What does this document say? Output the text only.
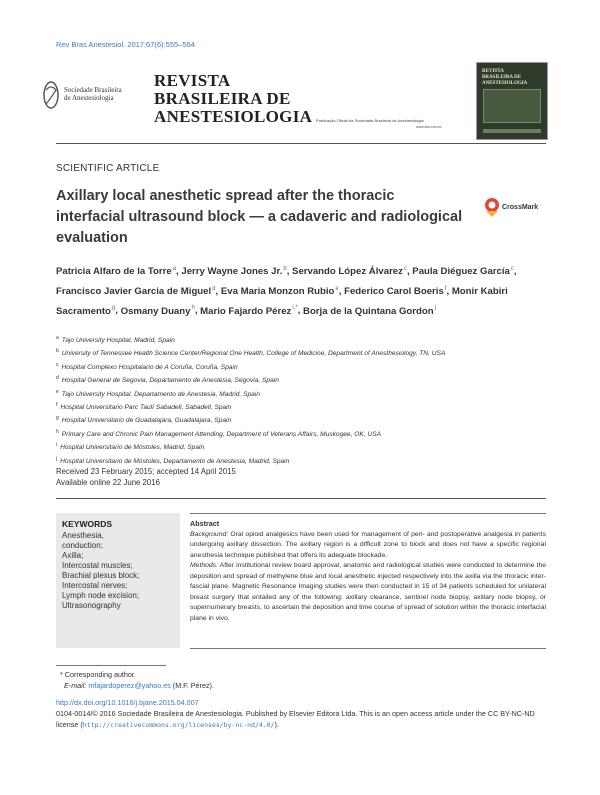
Rev Bras Anestesiol. 2017;67(6):555–564
Sociedade Brasileira
de Anestesiologia
REVISTA
BRASILEIRA DE
ANESTESIOLOGIA Publicação Oficial da Sociedade Brasileira de Anestesiologia
www.sba.com.br
REVISTA
BRASILEIRA DE
ANESTESIOLOGIA
SCIENTIFIC ARTICLE
Axillary local anesthetic spread after the thoracic interfacial ultrasound block — a cadaveric and radiological evaluation
CrossMark
Patricia Alfaro de la Torre$^a$, Jerry Wayne Jones Jr.$^b$, Servando López Álvarez$^c$, Paula Diéguez García$^c$, Francisco Javier Garcia de Miguel$^d$, Eva Maria Monzon Rubio$^e$, Federico Carol Boeris$^f$, Monir Kabiri Sacramento$^g$, Osmany Duany$^h$, Mario Fajardo Pérez$^{i,*}$, Borja de la Quintana Gordon$^j$
$^a$ Tajo University Hospital, Madrid, Spain
$^b$ University of Tennessee Health Science Center/Regional One Health, College of Medicine, Department of Anesthesiology, TN, USA
$^c$ Hospital Complexo Hospitalario de A Coruña, Coruña, Spain
$^d$ Hospital General de Segovia, Departamento de Anestesia, Segovia, Spain
$^e$ Tajo University Hospital, Departamento de Anestesia, Madrid, Spain
$^f$ Hospital Universitario Parc Taulí Sabadell, Sabadell, Spain
$^g$ Hospital Universitario de Guadalajara, Guadalajara, Spain
$^h$ Primary Care and Chronic Pain Management Attending, Department of Veterans Affairs, Muskogee, OK, USA
$^i$ Hospital Universitario de Móstoles, Madrid, Spain
$^j$ Hospital Universitario de Móstoles, Departamento de Anestesia, Madrid, Spain
Received 23 February 2015; accepted 14 April 2015
Available online 22 June 2016
KEYWORDS
Anesthesia,
conduction;
Axilla;
Intercostal muscles;
Brachial plexus block;
Intercostal nerves;
Lymph node excision;
Ultrasonography
Abstract
Background: Oral opioid analgesics have been used for management of peri- and postoperative analgesia in patients undergoing axillary dissection. The axillary region is a difficult zone to block and does not have a specific regional anesthesia technique published that offers its adequate blockade.
Methods: After institutional review board approval, anatomic and radiological studies were conducted to determine the deposition and spread of methylene blue and local anesthetic injected respectively into the axilla via the thoracic inter-fascial plane. Magnetic Resonance Imaging studies were then conducted in 15 of 34 patients scheduled for unilateral breast surgery that entailed any of the following: axillary clearance, sentinel node biopsy, axillary node biopsy, or supernumerary breasts, to ascertain the deposition and time course of spread of solution within the thoracic interfacial plane in vivo.
* Corresponding author.
E-mail: mfajardoperez@yahoo.es (M.F. Pérez).
http://dx.doi.org/10.1016/j.bjane.2015.04.007
0104-0014/© 2016 Sociedade Brasileira de Anestesiologia. Published by Elsevier Editora Ltda. This is an open access article under the CC BY-NC-ND license (http://creativecommons.org/licenses/by-nc-nd/4.0/).
